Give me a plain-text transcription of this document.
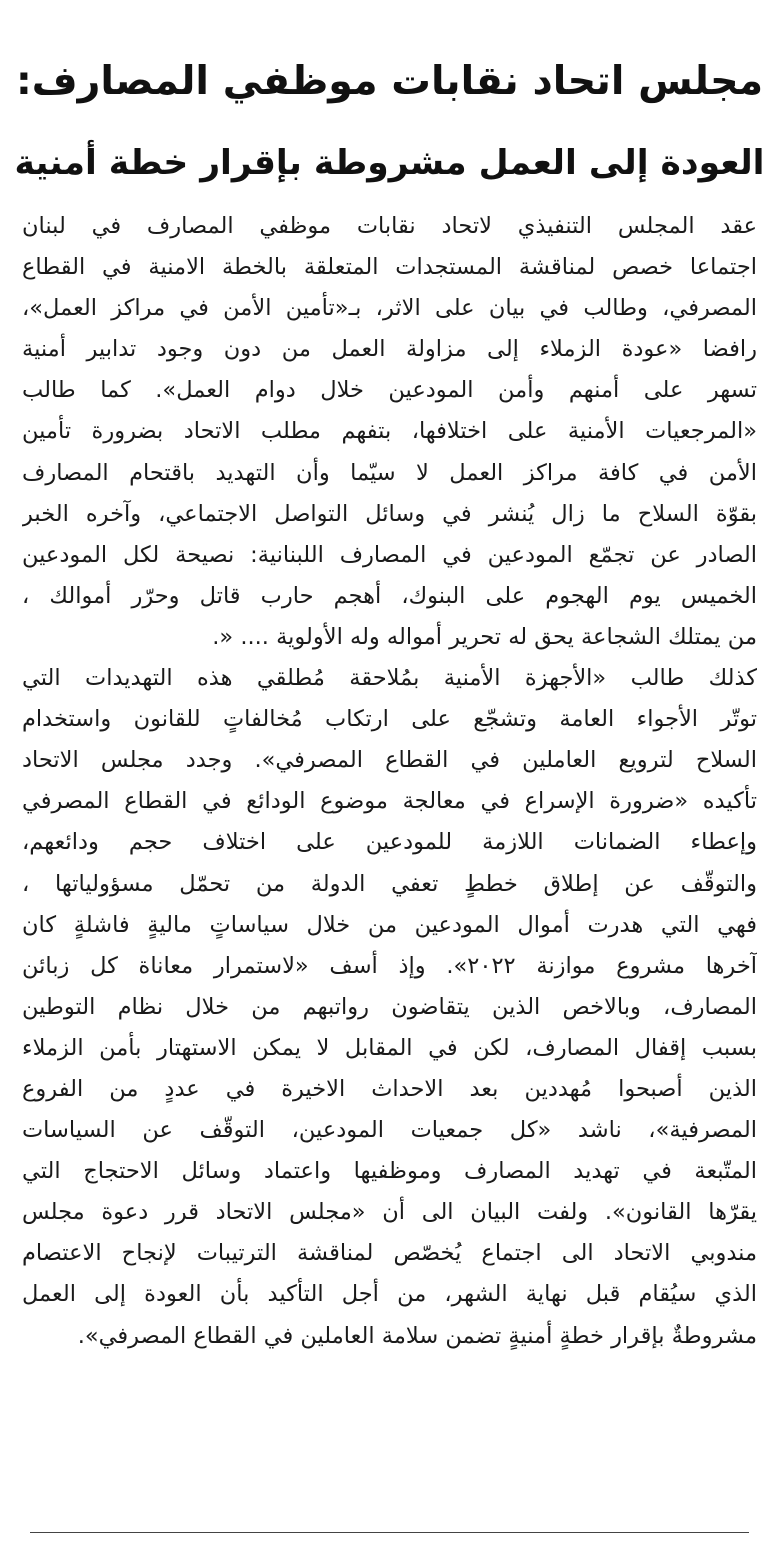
مجلس اتحاد نقابات موظفي المصارف:
العودة إلى العمل مشروطة بإقرار خطة أمنية
عقد المجلس التنفيذي لاتحاد نقابات موظفي المصارف في لبنان
اجتماعا خصص لمناقشة المستجدات المتعلقة بالخطة الامنية في القطاع
المصرفي، وطالب في بيان على الاثر، بـ«تأمين الأمن في مراكز العمل»،
رافضا «عودة الزملاء إلى مزاولة العمل من دون وجود تدابير أمنية
تسهر على أمنهم وأمن المودعين خلال دوام العمل». كما طالب
«المرجعيات الأمنية على اختلافها، بتفهم مطلب الاتحاد بضرورة تأمين
الأمن في كافة مراكز العمل لا سيّما وأن التهديد باقتحام المصارف
بقوّة السلاح ما زال يُنشر في وسائل التواصل الاجتماعي، وآخره الخبر
الصادر عن تجمّع المودعين في المصارف اللبنانية: نصيحة لكل المودعين
الخميس يوم الهجوم على البنوك، أهجم حارب قاتل وحرّر أموالك ،
من يمتلك الشجاعة يحق له تحرير أمواله وله الأولوية .... «.
كذلك طالب «الأجهزة الأمنية بمُلاحقة مُطلقي هذه التهديدات التي
توتّر الأجواء العامة وتشجّع على ارتكاب مُخالفاتٍ للقانون واستخدام
السلاح لترويع العاملين في القطاع المصرفي». وجدد مجلس الاتحاد
تأكيده «ضرورة الإسراع في معالجة موضوع الودائع في القطاع المصرفي
وإعطاء الضمانات اللازمة للمودعين على اختلاف حجم ودائعهم،
والتوقّف عن إطلاق خططٍ تعفي الدولة من تحمّل مسؤولياتها ،
فهي التي هدرت أموال المودعين من خلال سياساتٍ ماليةٍ فاشلةٍ كان
آخرها مشروع موازنة ٢٠٢٢». وإذ أسف «لاستمرار معاناة كل زبائن
المصارف، وبالاخص الذين يتقاضون رواتبهم من خلال نظام التوطين
بسبب إقفال المصارف، لكن في المقابل لا يمكن الاستهتار بأمن الزملاء
الذين أصبحوا مُهددين بعد الاحداث الاخيرة في عددٍ من الفروع
المصرفية»، ناشد «كل جمعيات المودعين، التوقّف عن السياسات
المتّبعة في تهديد المصارف وموظفيها واعتماد وسائل الاحتجاج التي
يقرّها القانون». ولفت البيان الى أن «مجلس الاتحاد قرر دعوة مجلس
مندوبي الاتحاد الى اجتماع يُخصّص لمناقشة الترتيبات لإنجاح الاعتصام
الذي سيُقام قبل نهاية الشهر، من أجل التأكيد بأن العودة إلى العمل
مشروطةٌ بإقرار خطةٍ أمنيةٍ تضمن سلامة العاملين في القطاع المصرفي».
